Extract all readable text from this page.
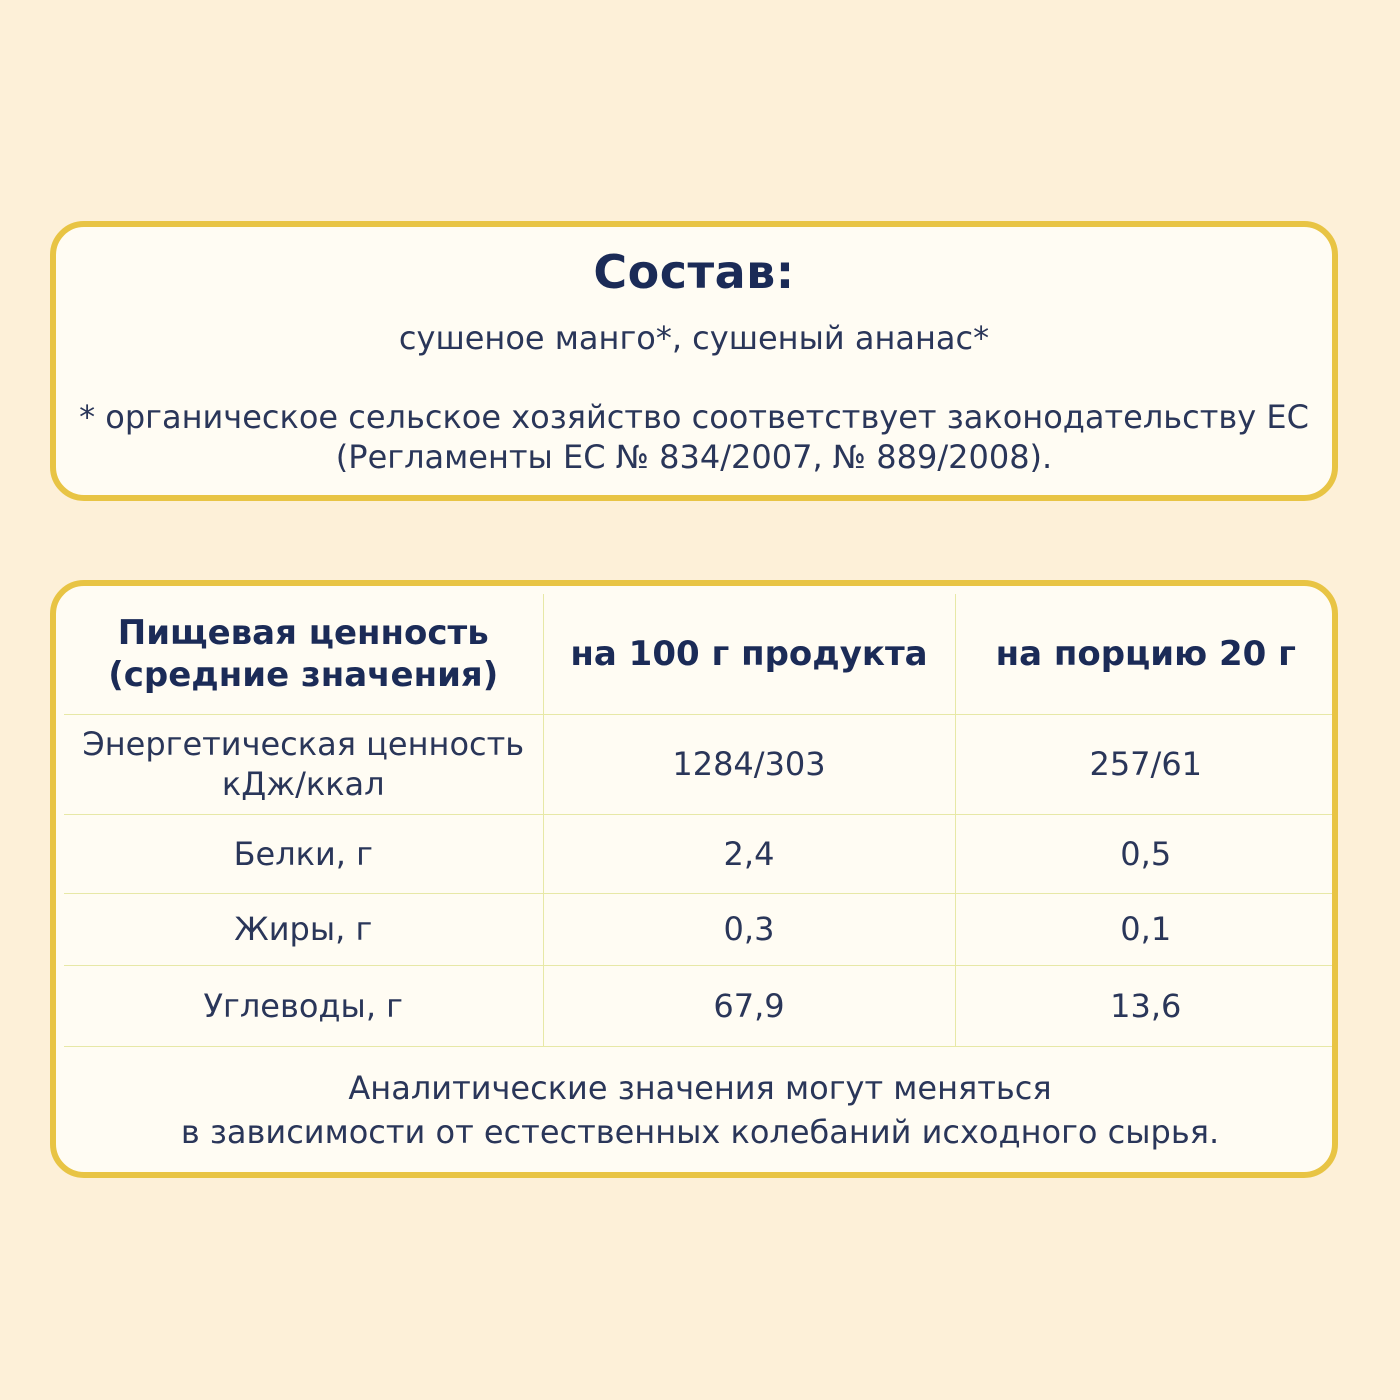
Состав:
сушеное манго*, сушеный ананас*
* органическое сельское хозяйство соответствует законодательству ЕС
(Регламенты ЕС № 834/2007, № 889/2008).
Пищевая ценность
(средние значения)	на 100 г продукта	на порцию 20 г

Энергетическая ценность
кДж/ккал	1284/303	257/61
Белки, г	2,4	0,5
Жиры, г	0,3	0,1
Углеводы, г	67,9	13,6

Аналитические значения могут меняться
в зависимости от естественных колебаний исходного сырья.		
